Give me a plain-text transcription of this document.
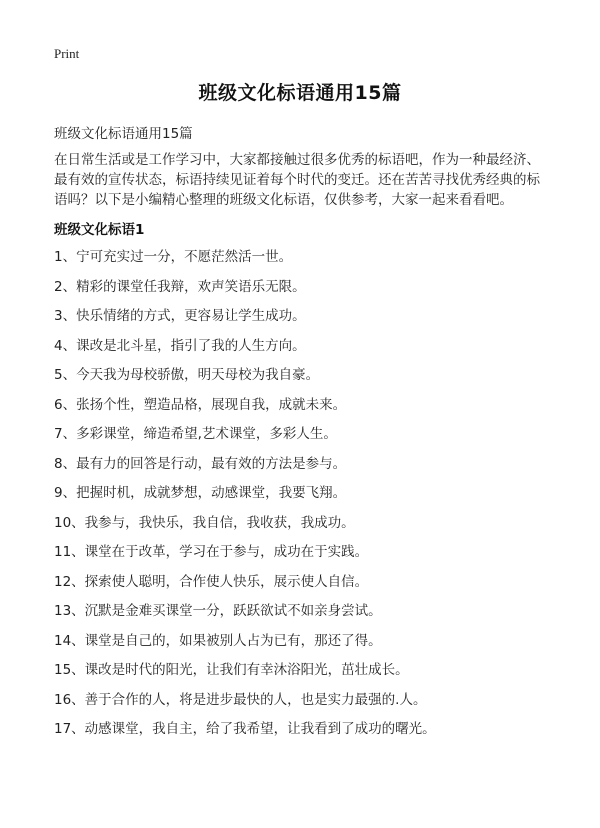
Print
班级文化标语通用15篇
班级文化标语通用15篇
在日常生活或是工作学习中，大家都接触过很多优秀的标语吧，作为一种最经济、最有效的宣传状态，标语持续见证着每个时代的变迁。还在苦苦寻找优秀经典的标语吗？以下是小编精心整理的班级文化标语，仅供参考，大家一起来看看吧。
班级文化标语1
1、宁可充实过一分，不愿茫然活一世。
2、精彩的课堂任我辩，欢声笑语乐无限。
3、快乐情绪的方式，更容易让学生成功。
4、课改是北斗星，指引了我的人生方向。
5、今天我为母校骄傲，明天母校为我自豪。
6、张扬个性，塑造品格，展现自我，成就未来。
7、多彩课堂，缔造希望,艺术课堂，多彩人生。
8、最有力的回答是行动，最有效的方法是参与。
9、把握时机，成就梦想，动感课堂，我要飞翔。
10、我参与，我快乐，我自信，我收获，我成功。
11、课堂在于改革，学习在于参与，成功在于实践。
12、探索使人聪明，合作使人快乐，展示使人自信。
13、沉默是金难买课堂一分，跃跃欲试不如亲身尝试。
14、课堂是自己的，如果被别人占为已有，那还了得。
15、课改是时代的阳光，让我们有幸沐浴阳光，茁壮成长。
16、善于合作的人，将是进步最快的人，也是实力最强的.人。
17、动感课堂，我自主，给了我希望，让我看到了成功的曙光。
